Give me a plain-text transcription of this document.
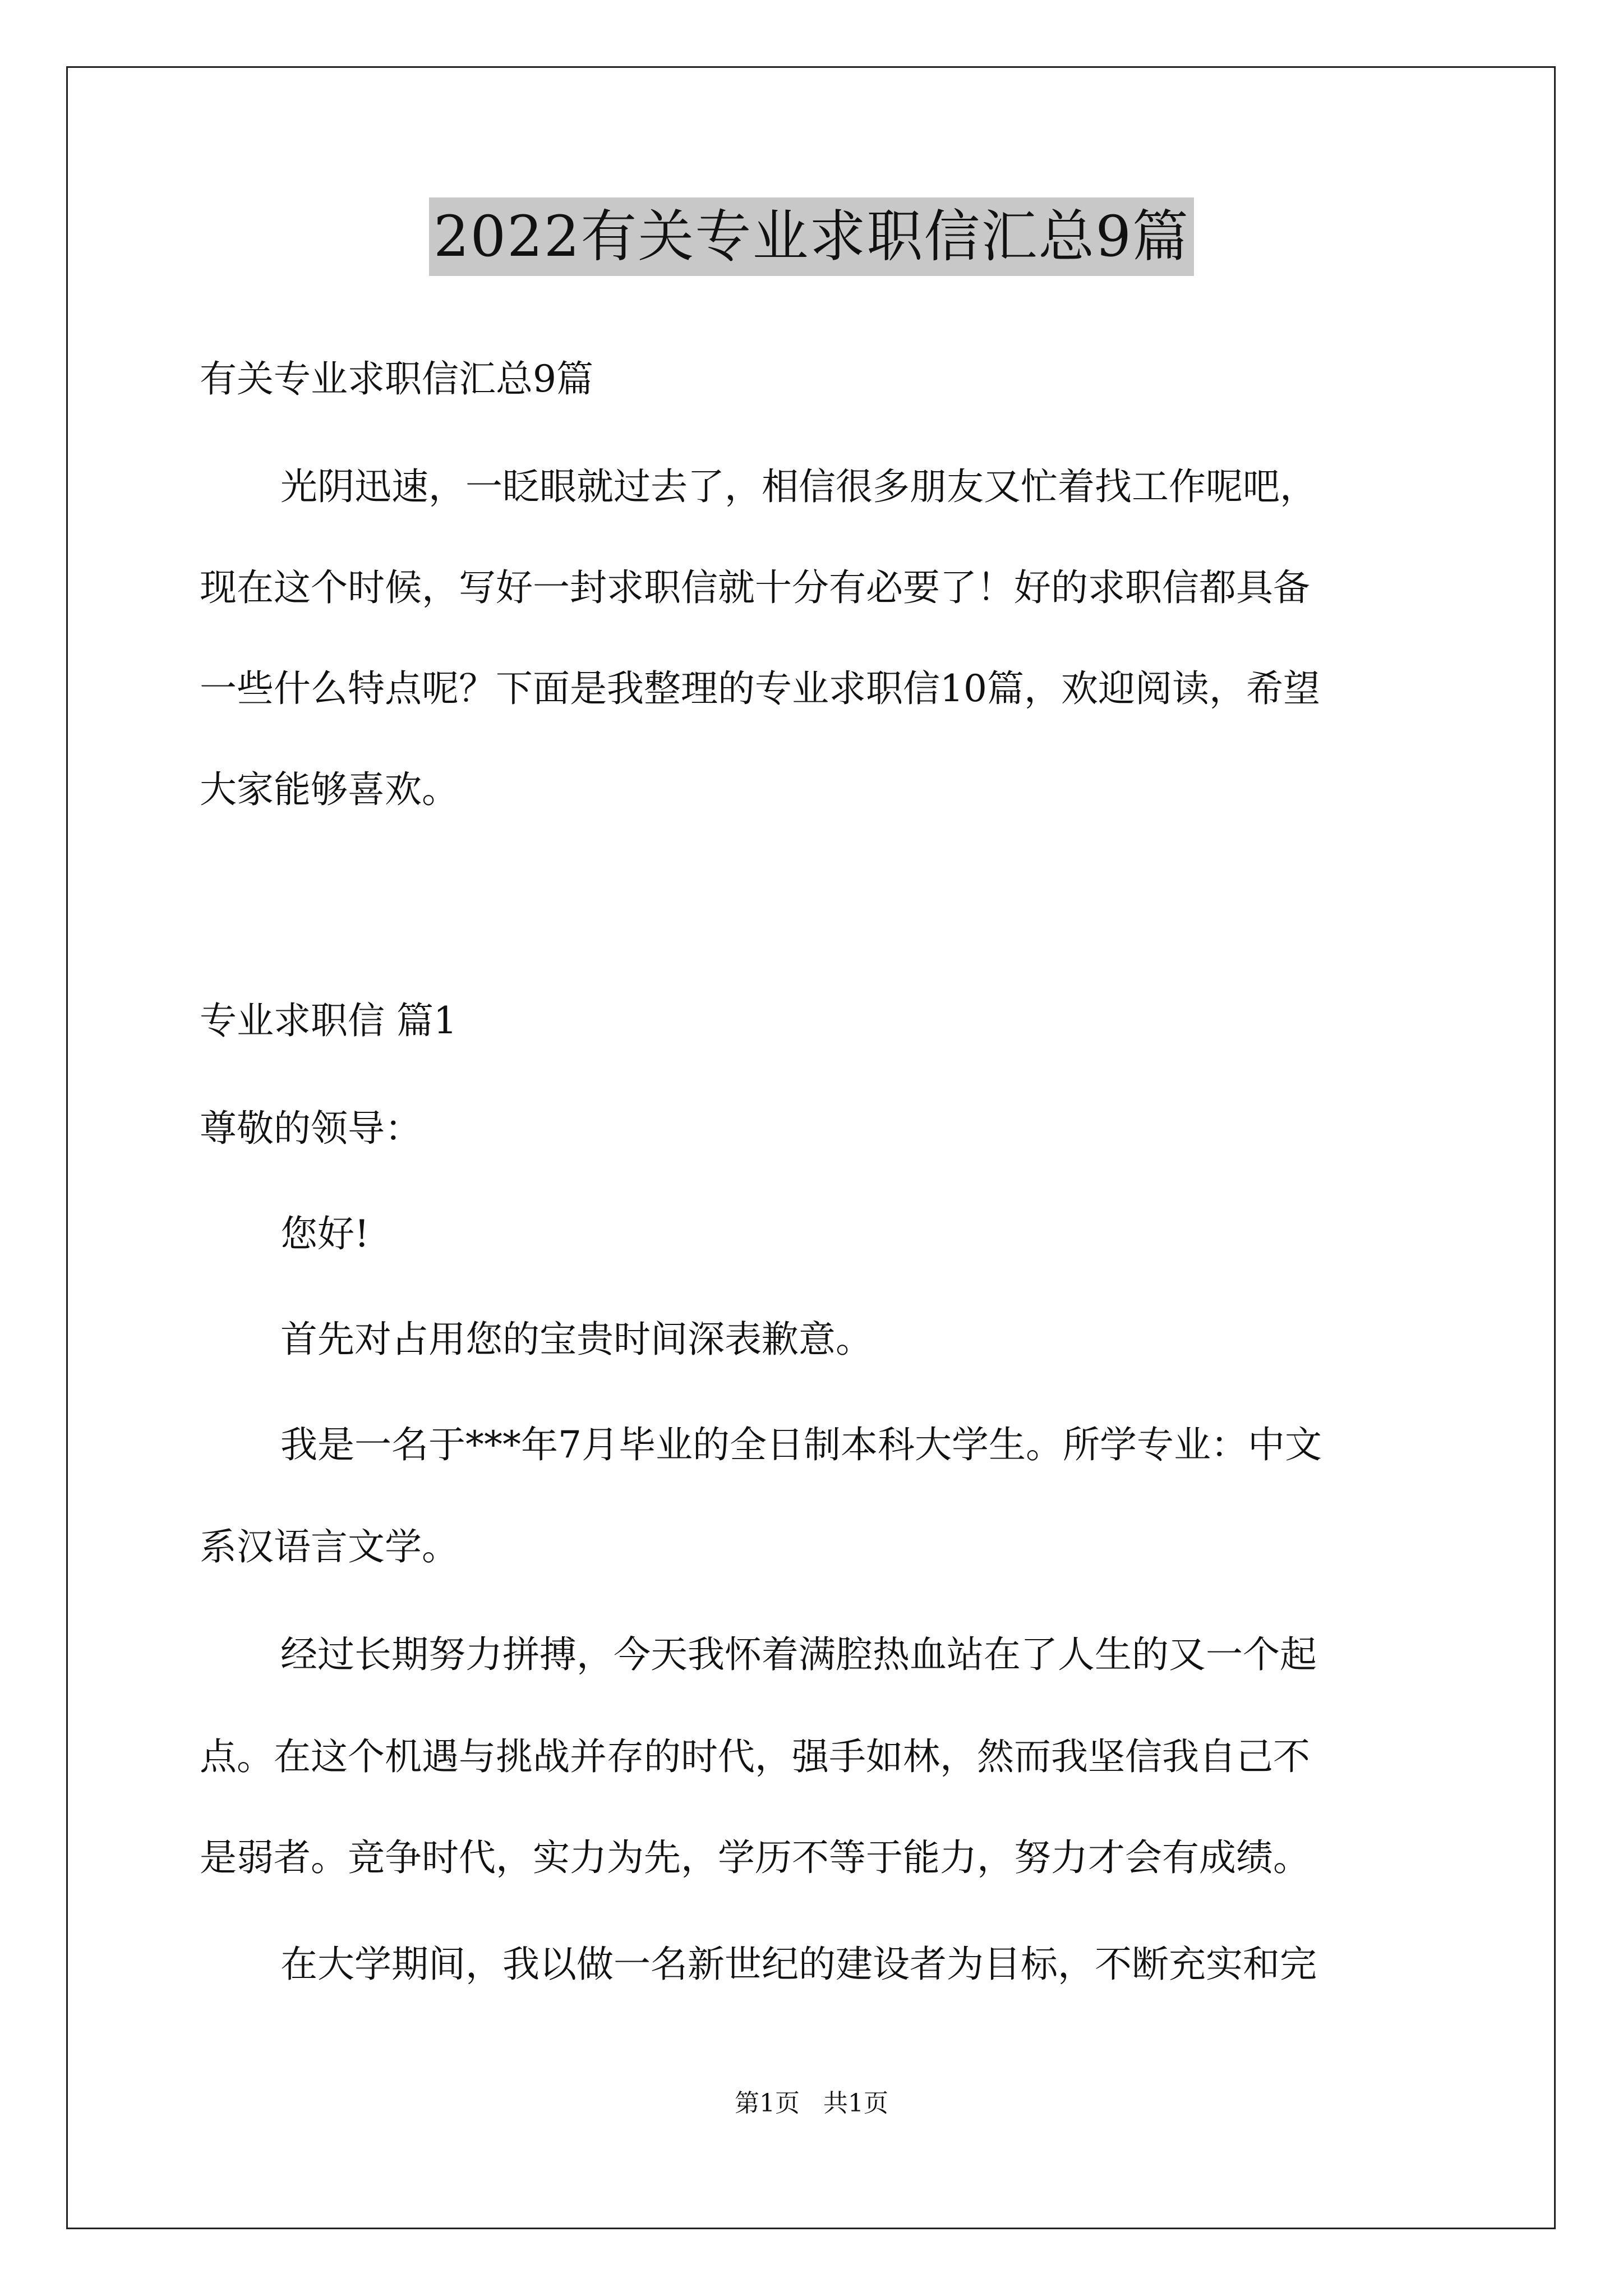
2022有关专业求职信汇总9篇

有关专业求职信汇总9篇

光阴迅速，一眨眼就过去了，相信很多朋友又忙着找工作呢吧，

现在这个时候，写好一封求职信就十分有必要了！好的求职信都具备

一些什么特点呢？下面是我整理的专业求职信10篇，欢迎阅读，希望

大家能够喜欢。

专业求职信 篇1

尊敬的领导：

您好!

首先对占用您的宝贵时间深表歉意。

我是一名于***年7月毕业的全日制本科大学生。所学专业：中文

系汉语言文学。

经过长期努力拼搏，今天我怀着满腔热血站在了人生的又一个起

点。在这个机遇与挑战并存的时代，强手如林，然而我坚信我自己不

是弱者。竞争时代，实力为先，学历不等于能力，努力才会有成绩。

在大学期间，我以做一名新世纪的建设者为目标，不断充实和完

第1页 共1页
